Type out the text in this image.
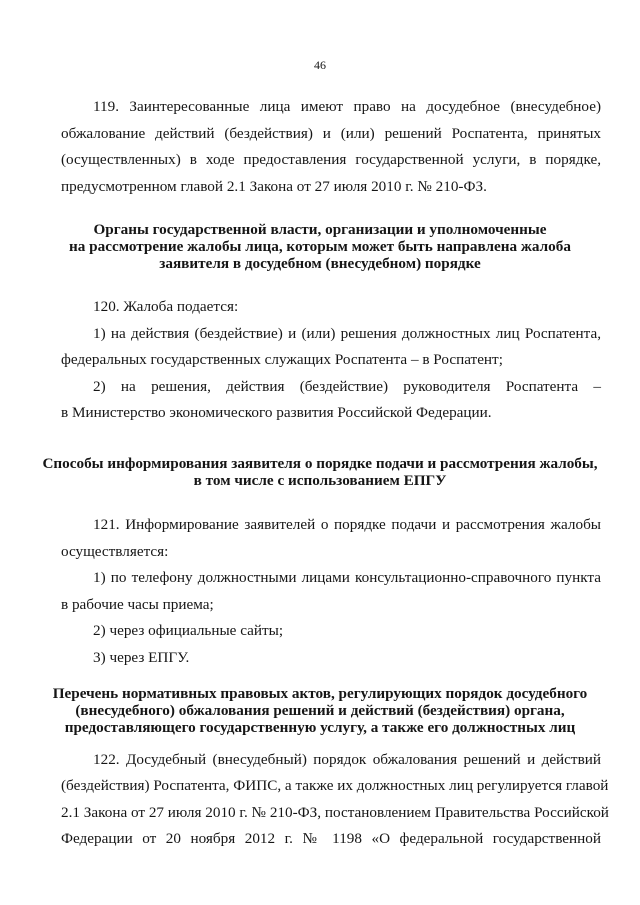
46
119. Заинтересованные лица имеют право на досудебное (внесудебное)
обжалование действий (бездействия) и (или) решений Роспатента, принятых
(осуществленных) в ходе предоставления государственной услуги, в порядке,
предусмотренном главой 2.1 Закона от 27 июля 2010 г. № 210-ФЗ.
Органы государственной власти, организации и уполномоченные
на рассмотрение жалобы лица, которым может быть направлена жалоба
заявителя в досудебном (внесудебном) порядке
120. Жалоба подается:
1) на действия (бездействие) и (или) решения должностных лиц Роспатента,
федеральных государственных служащих Роспатента – в Роспатент;
2) на решения, действия (бездействие) руководителя Роспатента –
в Министерство экономического развития Российской Федерации.
Способы информирования заявителя о порядке подачи и рассмотрения жалобы,
в том числе с использованием ЕПГУ
121. Информирование заявителей о порядке подачи и рассмотрения жалобы
осуществляется:
1) по телефону должностными лицами консультационно-справочного пункта
в рабочие часы приема;
2) через официальные сайты;
3) через ЕПГУ.
Перечень нормативных правовых актов, регулирующих порядок досудебного
(внесудебного) обжалования решений и действий (бездействия) органа,
предоставляющего государственную услугу, а также его должностных лиц
122. Досудебный (внесудебный) порядок обжалования решений и действий
(бездействия) Роспатента, ФИПС, а также их должностных лиц регулируется главой
2.1 Закона от 27 июля 2010 г. № 210-ФЗ, постановлением Правительства Российской
Федерации от 20 ноября 2012 г. № 1198 «О федеральной государственной
